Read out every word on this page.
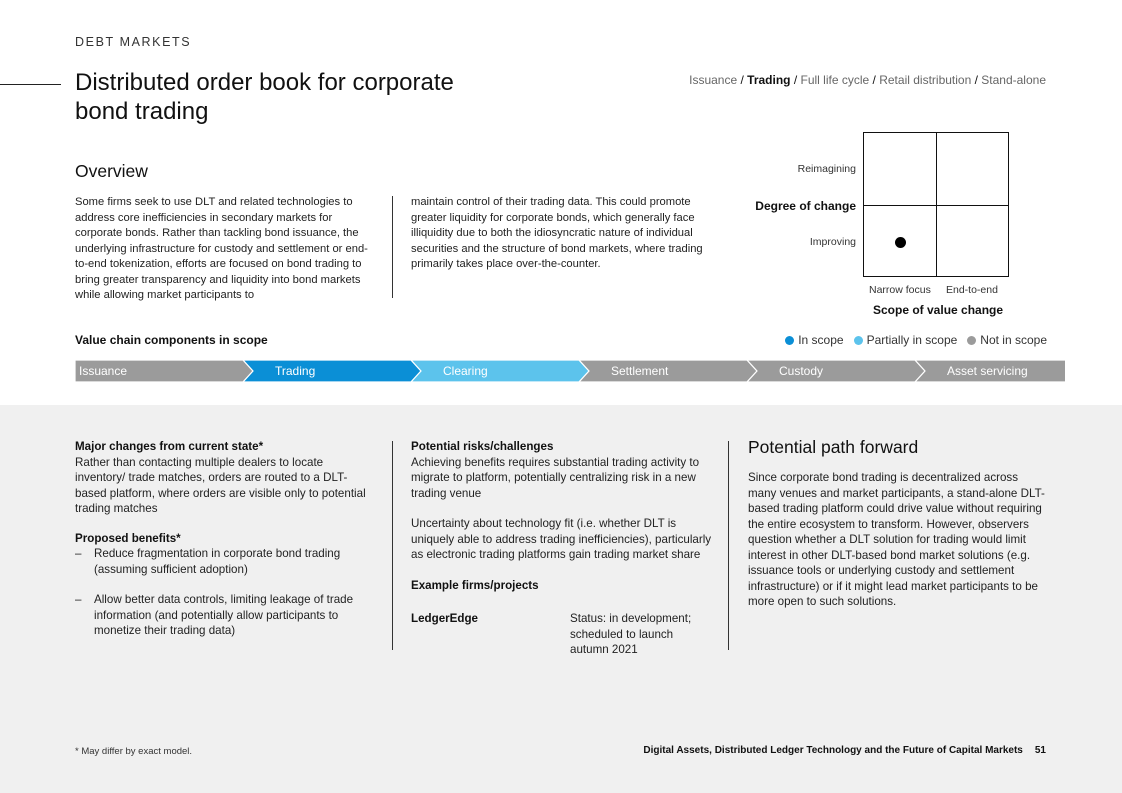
DEBT MARKETS
Distributed order book for corporate bond trading
Issuance / Trading / Full life cycle / Retail distribution / Stand-alone
Overview
Some firms seek to use DLT and related technologies to address core inefficiencies in secondary markets for corporate bonds. Rather than tackling bond issuance, the underlying infrastructure for custody and settlement or end-to-end tokenization, efforts are focused on bond trading to bring greater transparency and liquidity into bond markets while allowing market participants to
maintain control of their trading data. This could promote greater liquidity for corporate bonds, which generally face illiquidity due to both the idiosyncratic nature of individual securities and the structure of bond markets, where trading primarily takes place over-the-counter.
Reimagining
Degree of change
Improving
Narrow focus End-to-end
Scope of value change
Value chain components in scope	In scope Partially in scope Not in scope
Issuance	Trading	Clearing	Settlement	Custody	Asset servicing

Major changes from current state*

Rather than contacting multiple dealers to locate inventory/ trade matches, orders are routed to a DLT-based platform, where orders are visible only to potential trading matches

Proposed benefits*

–	Reduce fragmentation in corporate bond trading (assuming sufficient adoption)
–	Allow better data controls, limiting leakage of trade information (and potentially allow participants to monetize their trading data)

Potential risks/challenges

Achieving benefits requires substantial trading activity to migrate to platform, potentially centralizing risk in a new trading venue

Uncertainty about technology fit (i.e. whether DLT is uniquely able to address trading inefficiencies), particularly as electronic trading platforms gain trading market share

Example firms/projects

LedgerEdge	Status: in development; scheduled to launch autumn 2021
Potential path forward
Since corporate bond trading is decentralized across many venues and market participants, a stand-alone DLT-based trading platform could drive value without requiring the entire ecosystem to transform. However, observers question whether a DLT solution for trading would limit interest in other DLT-based bond market solutions (e.g. issuance tools or underlying custody and settlement infrastructure) or if it might lead market participants to be more open to such solutions.
* May differ by exact model.	Digital Assets, Distributed Ledger Technology and the Future of Capital Markets 51
